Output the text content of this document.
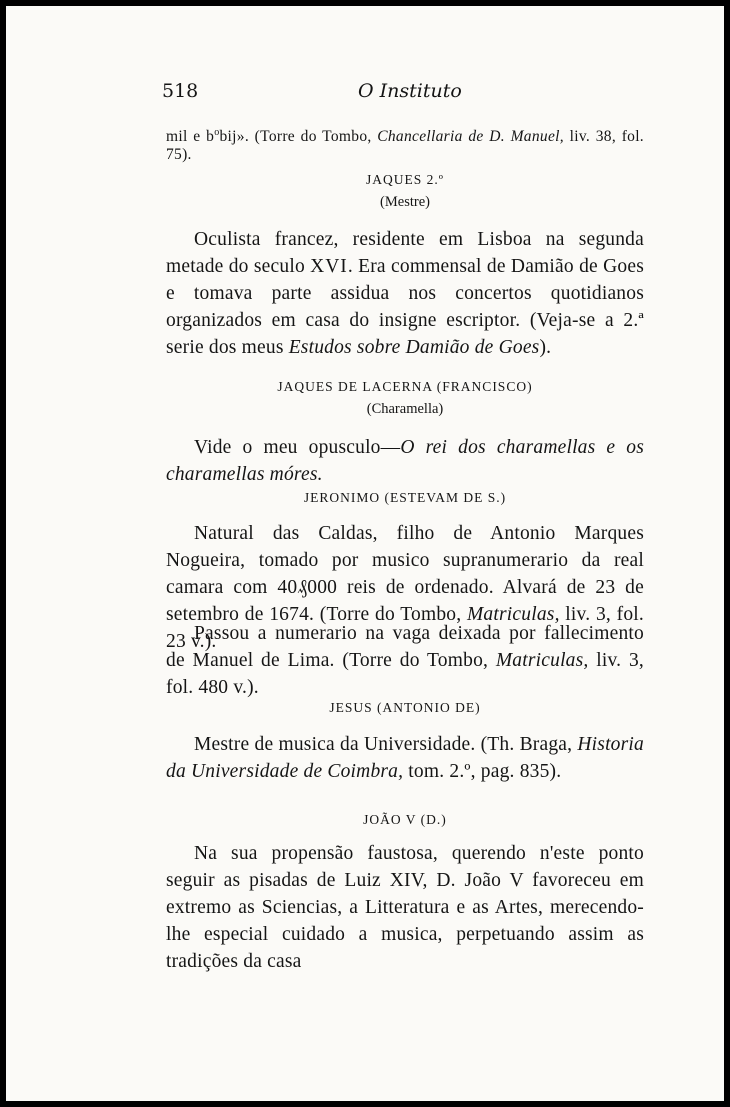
518	O Instituto

mil e $b^obij$». (Torre do Tombo, Chancellaria de D. Manuel, liv. 38, fol. 75).

JAQUES 2.º
(Mestre)

Oculista francez, residente em Lisboa na segunda metade do seculo XVI. Era commensal de Damião de Goes e tomava parte assidua nos concertos quotidianos organizados em casa do insigne escriptor. (Veja-se a 2.ª serie dos meus Estudos sobre Damião de Goes).

JAQUES DE LACERNA (FRANCISCO)
(Charamella)

Vide o meu opusculo—O rei dos charamellas e os charamellas móres.

JERONIMO (ESTEVAM DE S.)

Natural das Caldas, filho de Antonio Marques Nogueira, tomado por musico supranumerario da real camara com 40₰000 reis de ordenado. Alvará de 23 de setembro de 1674. (Torre do Tombo, Matriculas, liv. 3, fol. 23 v.).

Passou a numerario na vaga deixada por fallecimento de Manuel de Lima. (Torre do Tombo, Matriculas, liv. 3, fol. 480 v.).

JESUS (ANTONIO DE)

Mestre de musica da Universidade. (Th. Braga, Historia da Universidade de Coimbra, tom. 2.º, pag. 835).

JOÃO V (D.)

Na sua propensão faustosa, querendo n'este ponto seguir as pisadas de Luiz XIV, D. João V favoreceu em extremo as Sciencias, a Litteratura e as Artes, merecendo-lhe especial cuidado a musica, perpetuando assim as tradições da casa
